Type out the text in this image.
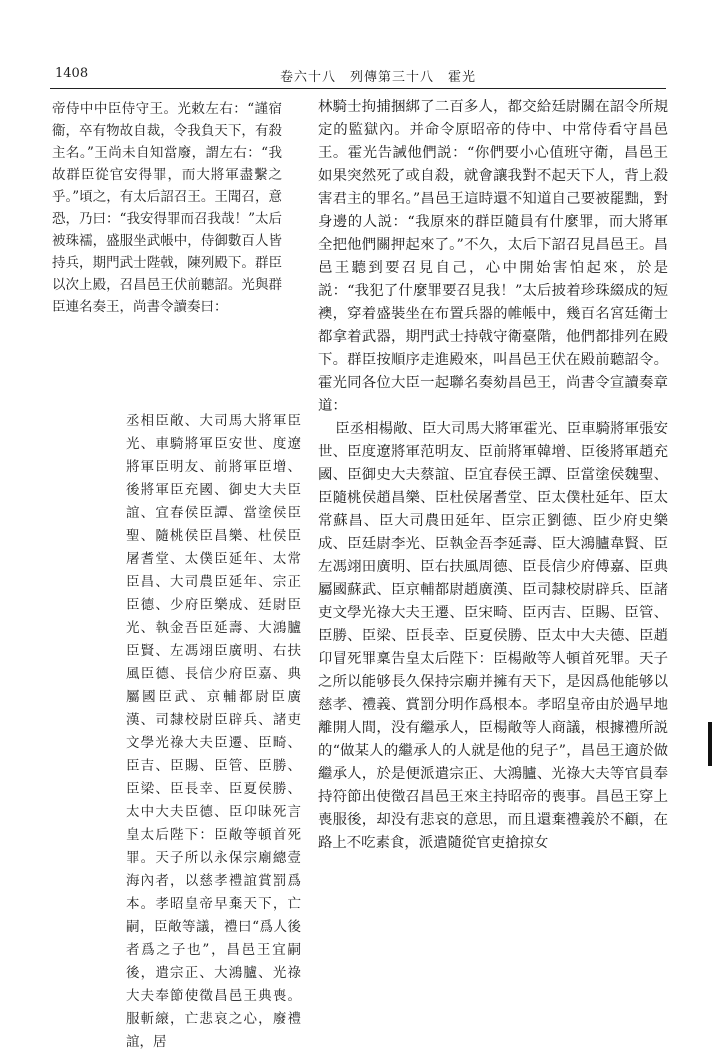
1408	卷六十八　列傳第三十八　霍光

帝侍中中臣侍守王。光敕左右：“謹宿衞，卒有物故自裁，令我負天下，有殺主名。”王尚未自知當廢，謂左右：“我故群臣從官安得罪，而大將軍盡繫之乎。”頃之，有太后詔召王。王聞召，意恐，乃曰：“我安得罪而召我哉！”太后被珠襦，盛服坐武帳中，侍御數百人皆持兵，期門武士陛戟，陳列殿下。群臣以次上殿，召昌邑王伏前聽詔。光與群臣連名奏王，尚書令讀奏曰：

丞相臣敞、大司馬大將軍臣光、車騎將軍臣安世、度遼將軍臣明友、前將軍臣增、後將軍臣充國、御史大夫臣誼、宜春侯臣譚、當塗侯臣聖、隨桃侯臣昌樂、杜侯臣屠耆堂、太僕臣延年、太常臣昌、大司農臣延年、宗正臣德、少府臣樂成、廷尉臣光、執金吾臣延壽、大鴻臚臣賢、左馮翊臣廣明、右扶風臣德、長信少府臣嘉、典屬國臣武、京輔都尉臣廣漢、司隸校尉臣辟兵、諸吏文學光祿大夫臣遷、臣畸、臣吉、臣賜、臣管、臣勝、臣梁、臣長幸、臣夏侯勝、太中大夫臣德、臣卬昧死言皇太后陛下：臣敞等頓首死罪。天子所以永保宗廟總壹海內者，以慈孝禮誼賞罰爲本。孝昭皇帝早棄天下，亡嗣，臣敞等議，禮曰“爲人後者爲之子也”，昌邑王宜嗣後，遣宗正、大鴻臚、光祿大夫奉節使徵昌邑王典喪。服斬縗，亡悲哀之心，廢禮誼，居

林騎士拘捕捆綁了二百多人，都交給廷尉關在詔令所規定的監獄內。并命令原昭帝的侍中、中常侍看守昌邑王。霍光告誡他們説：“你們要小心值班守衛，昌邑王如果突然死了或自殺，就會讓我對不起天下人，背上殺害君主的罪名。”昌邑王這時還不知道自己要被罷黜，對身邊的人説：“我原來的群臣隨員有什麼罪，而大將軍全把他們關押起來了。”不久，太后下詔召見昌邑王。昌邑王聽到要召見自己，心中開始害怕起來，於是説：“我犯了什麼罪要召見我！”太后披着珍珠綴成的短襖，穿着盛裝坐在布置兵器的帷帳中，幾百名宮廷衛士都拿着武器，期門武士持戟守衛臺階，他們都排列在殿下。群臣按順序走進殿來，叫昌邑王伏在殿前聽詔令。霍光同各位大臣一起聯名奏劾昌邑王，尚書令宣讀奏章道：

臣丞相楊敞、臣大司馬大將軍霍光、臣車騎將軍張安世、臣度遼將軍范明友、臣前將軍韓增、臣後將軍趙充國、臣御史大夫蔡誼、臣宜春侯王譚、臣當塗侯魏聖、臣隨桃侯趙昌樂、臣杜侯屠耆堂、臣太僕杜延年、臣太常蘇昌、臣大司農田延年、臣宗正劉德、臣少府史樂成、臣廷尉李光、臣執金吾李延壽、臣大鴻臚韋賢、臣左馮翊田廣明、臣右扶風周德、臣長信少府傅嘉、臣典屬國蘇武、臣京輔都尉趙廣漢、臣司隸校尉辟兵、臣諸吏文學光祿大夫王遷、臣宋畸、臣丙吉、臣賜、臣管、臣勝、臣梁、臣長幸、臣夏侯勝、臣太中大夫德、臣趙卬冒死罪稟告皇太后陛下：臣楊敞等人頓首死罪。天子之所以能够長久保持宗廟并擁有天下，是因爲他能够以慈孝、禮義、賞罰分明作爲根本。孝昭皇帝由於過早地離開人間，没有繼承人，臣楊敞等人商議，根據禮所説的“做某人的繼承人的人就是他的兒子”，昌邑王適於做繼承人，於是便派遣宗正、大鴻臚、光祿大夫等官員奉持符節出使徵召昌邑王來主持昭帝的喪事。昌邑王穿上喪服後，却没有悲哀的意思，而且還棄禮義於不顧，在路上不吃素食，派遣隨從官吏搶掠女
